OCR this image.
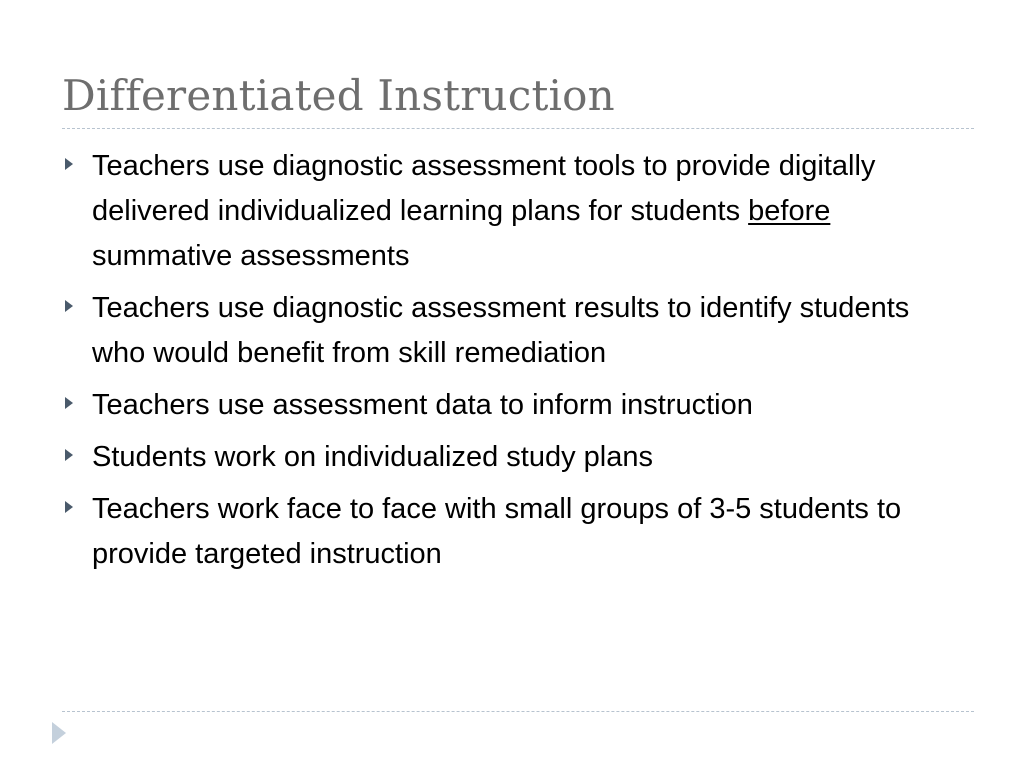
Differentiated Instruction
Teachers use diagnostic assessment tools to provide digitally delivered individualized learning plans for students before summative assessments
Teachers use diagnostic assessment results to identify students who would benefit from skill remediation
Teachers use assessment data to inform instruction
Students work on individualized study plans
Teachers work face to face with small groups of 3-5 students to provide targeted instruction
